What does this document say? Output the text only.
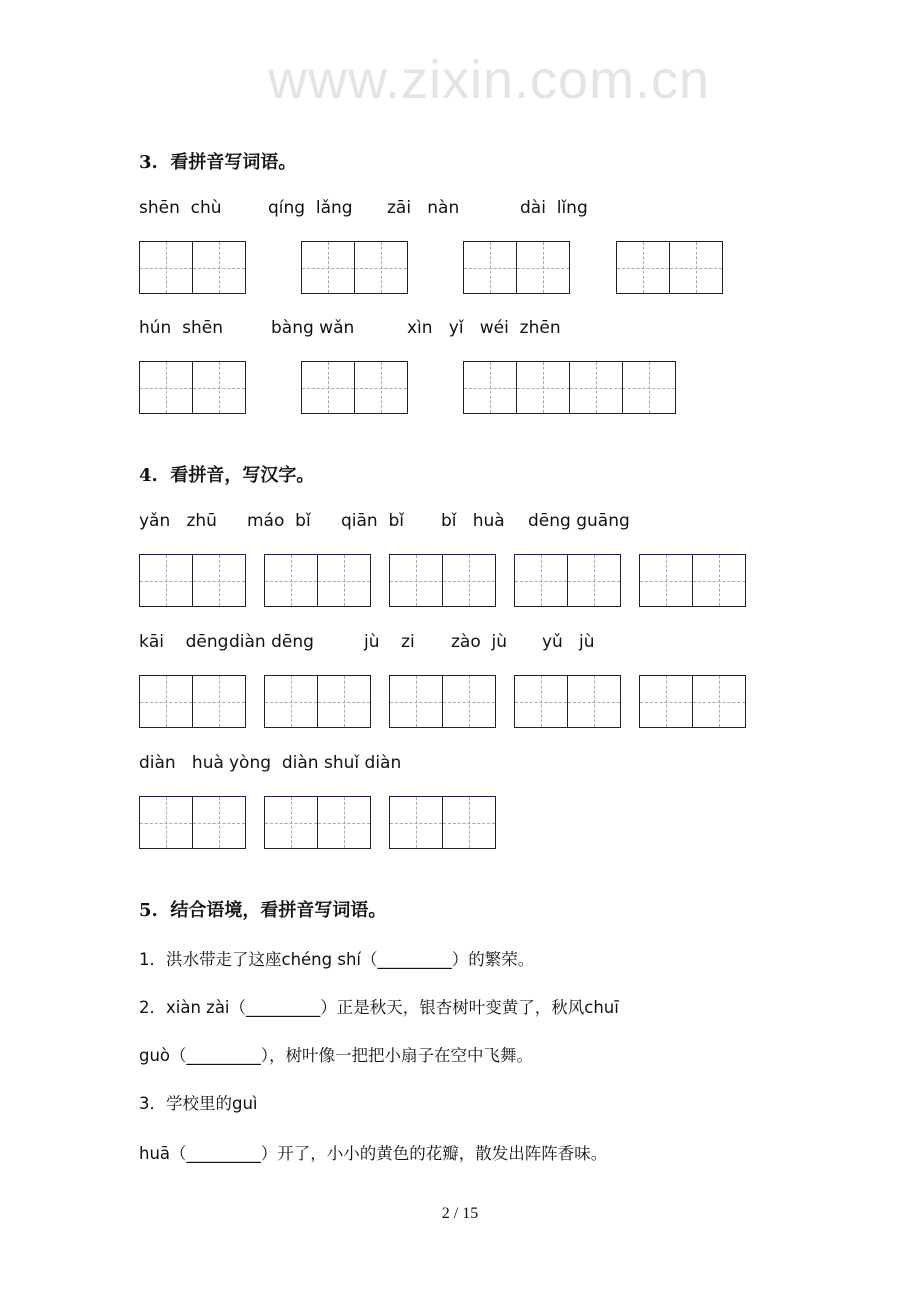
www.zixin.com.cn
3.  看拼音写词语。
shēn  chù	qíng  lǎng zāi   nàn	dài  lǐng
hún  shēn	bàng wǎn	xìn   yǐ   wéi  zhēn
4.  看拼音，写汉字。
yǎn   zhū máo  bǐ qiān  bǐ bǐ   huà dēng guāng
kāi    dēng diàn dēng	jù    zi zào  jù yǔ   jù
diàn   huà yòng  diàn shuǐ diàn
5.  结合语境，看拼音写词语。
1．洪水带走了这座chéng shí（_________）的繁荣。
2．xiàn zài（_________）正是秋天，银杏树叶变黄了，秋风chuī
guò（_________），树叶像一把把小扇子在空中飞舞。
3．学校里的guì
huā（_________）开了，小小的黄色的花瓣，散发出阵阵香味。
2 / 15
